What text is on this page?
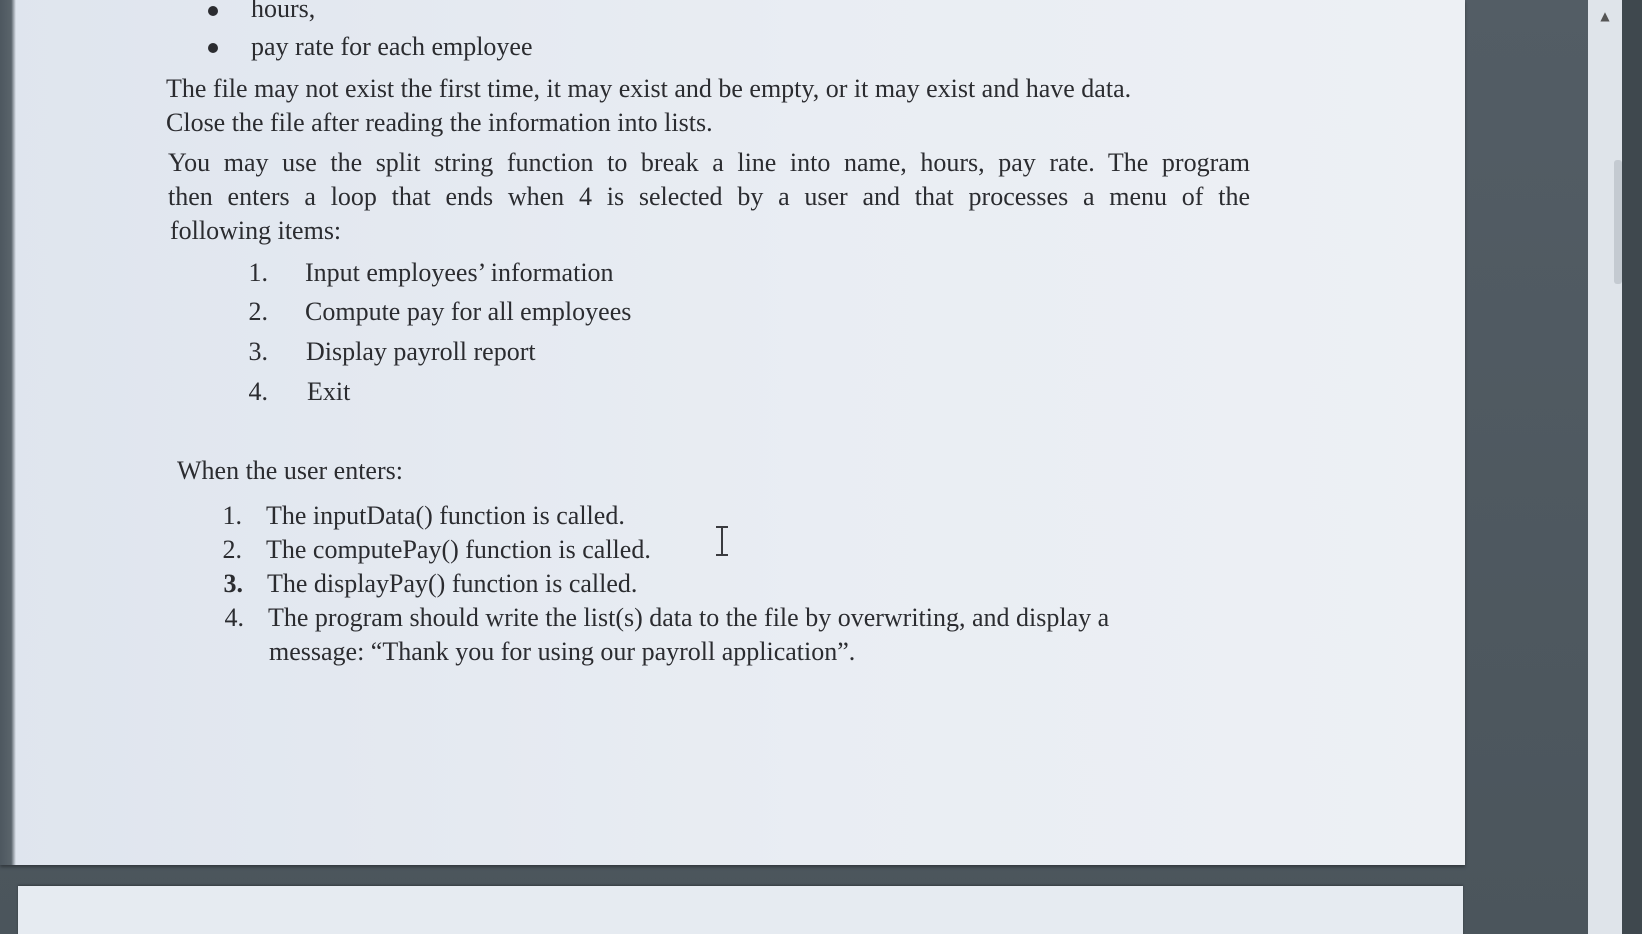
hours,
pay rate for each employee
The file may not exist the first time, it may exist and be empty, or it may exist and have data.
Close the file after reading the information into lists.
You may use the split string function to break a line into name, hours, pay rate. The program
then enters a loop that ends when 4 is selected by a user and that processes a menu of the
following items:
1. Input employees’ information
2. Compute pay for all employees
3. Display payroll report
4. Exit
When the user enters:
1. The inputData() function is called.
2. The computePay() function is called.
3. The displayPay() function is called.
4. The program should write the list(s) data to the file by overwriting, and display a
message: “Thank you for using our payroll application”.
▲
